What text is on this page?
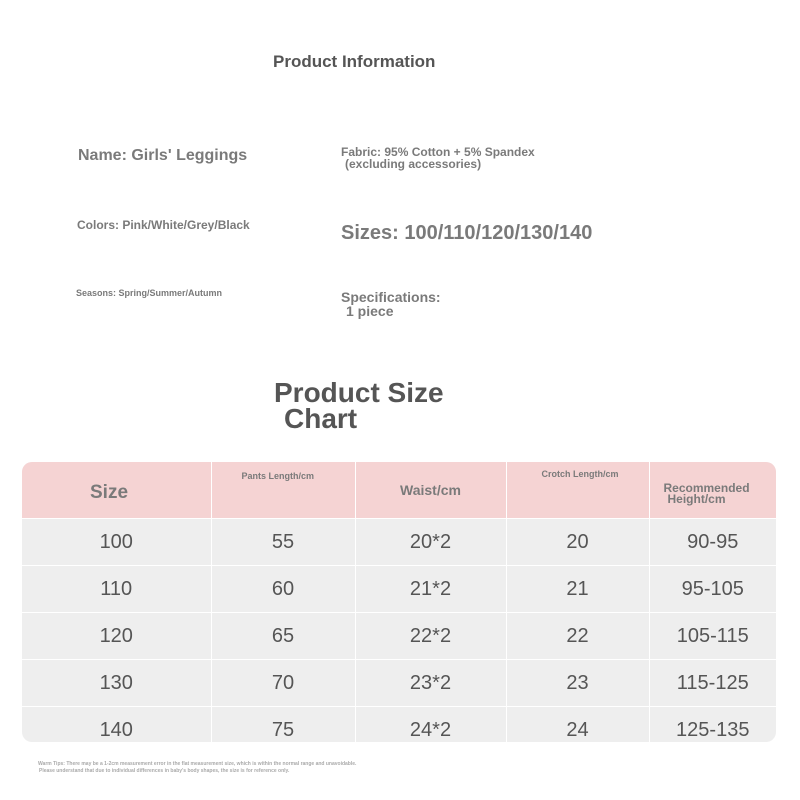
Product Information
Name: Girls' Leggings	Fabric: 95% Cotton + 5% Spandex
(excluding accessories)
Colors: Pink/White/Grey/Black	Sizes: 100/110/120/130/140
Seasons: Spring/Summer/Autumn	Specifications:
1 piece
Product Size
Chart
Size	Pants Length/cm	Waist/cm	Crotch Length/cm	Recommended
Height/cm
100	55	20*2	20	90-95
110	60	21*2	21	95-105
120	65	22*2	22	105-115
130	70	23*2	23	115-125
140	75	24*2	24	125-135
Warm Tips: There may be a 1-2cm measurement error in the flat measurement size, which is within the normal range and unavoidable.
Please understand that due to individual differences in baby's body shapes, the size is for reference only.
